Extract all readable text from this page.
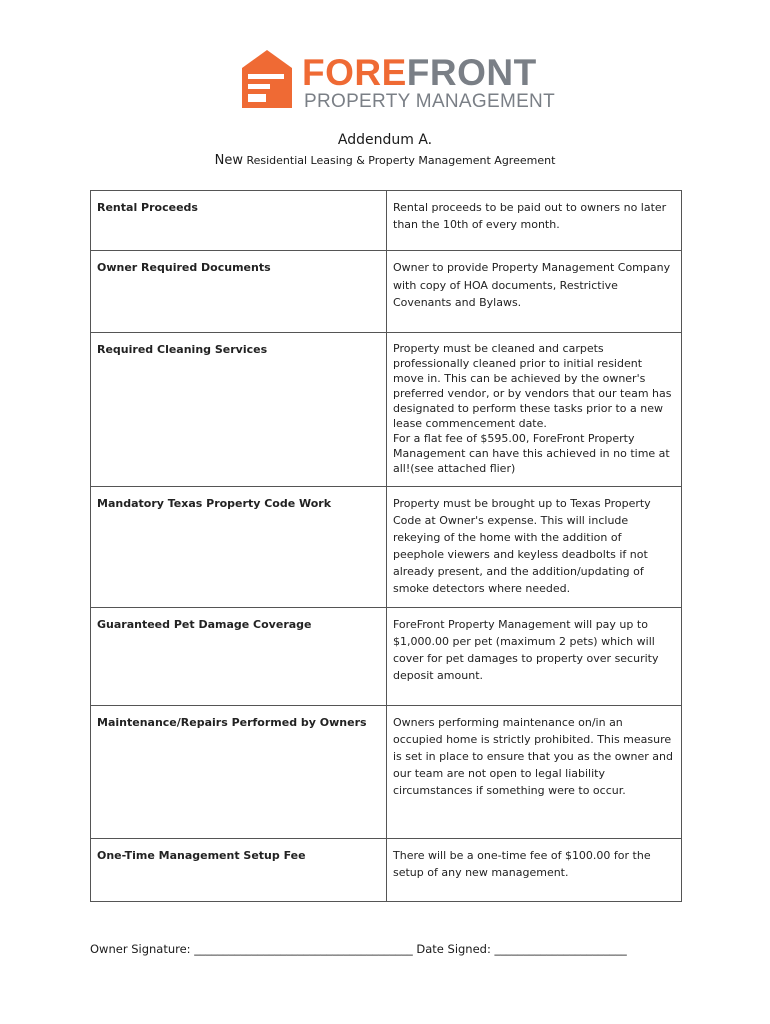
FOREFRONT
PROPERTY MANAGEMENT
Addendum A.
New Residential Leasing & Property Management Agreement
Rental Proceeds	Rental proceeds to be paid out to owners no later than the 10th of every month.
Owner Required Documents	Owner to provide Property Management Company with copy of HOA documents, Restrictive Covenants and Bylaws.
Required Cleaning Services	Property must be cleaned and carpets professionally cleaned prior to initial resident move in. This can be achieved by the owner's preferred vendor, or by vendors that our team has designated to perform these tasks prior to a new lease commencement date.
For a flat fee of $595.00, ForeFront Property Management can have this achieved in no time at all!(see attached flier)

Mandatory Texas Property Code Work	Property must be brought up to Texas Property Code at Owner's expense. This will include rekeying of the home with the addition of peephole viewers and keyless deadbolts if not already present, and the addition/updating of smoke detectors where needed.
Guaranteed Pet Damage Coverage	ForeFront Property Management will pay up to $1,000.00 per pet (maximum 2 pets) which will cover for pet damages to property over security deposit amount.
Maintenance/Repairs Performed by Owners	Owners performing maintenance on/in an occupied home is strictly prohibited. This measure is set in place to ensure that you as the owner and our team are not open to legal liability circumstances if something were to occur.
One-Time Management Setup Fee	There will be a one-time fee of $100.00 for the setup of any new management.
Owner Signature: ______________________________________ Date Signed: _______________________
